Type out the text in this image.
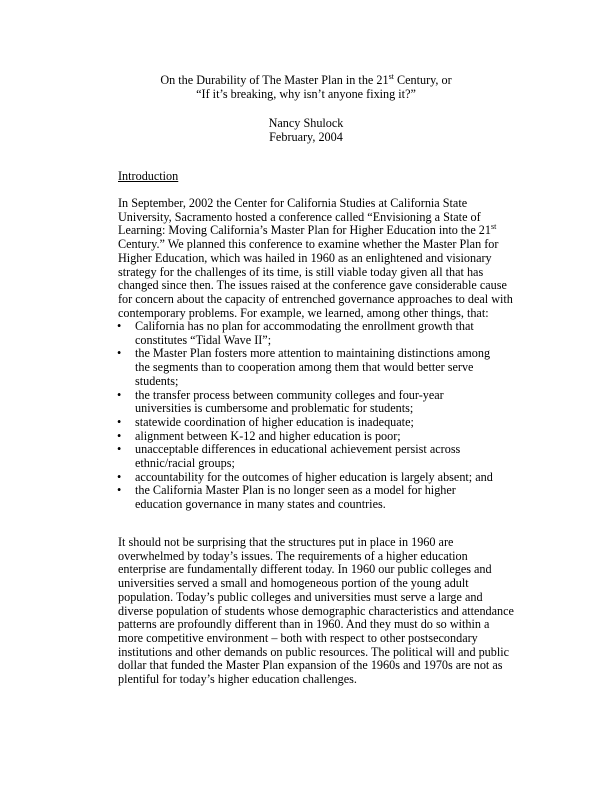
On the Durability of The Master Plan in the 21st Century, or
“If it’s breaking, why isn’t anyone fixing it?”
Nancy Shulock
February, 2004
Introduction
In September, 2002 the Center for California Studies at California State
University, Sacramento hosted a conference called “Envisioning a State of
Learning: Moving California’s Master Plan for Higher Education into the 21st
Century.” We planned this conference to examine whether the Master Plan for
Higher Education, which was hailed in 1960 as an enlightened and visionary
strategy for the challenges of its time, is still viable today given all that has
changed since then. The issues raised at the conference gave considerable cause
for concern about the capacity of entrenched governance approaches to deal with
contemporary problems. For example, we learned, among other things, that:
• California has no plan for accommodating the enrollment growth that
constitutes “Tidal Wave II”;
• the Master Plan fosters more attention to maintaining distinctions among
the segments than to cooperation among them that would better serve
students;
• the transfer process between community colleges and four-year
universities is cumbersome and problematic for students;
• statewide coordination of higher education is inadequate;
• alignment between K-12 and higher education is poor;
• unacceptable differences in educational achievement persist across
ethnic/racial groups;
• accountability for the outcomes of higher education is largely absent; and
• the California Master Plan is no longer seen as a model for higher
education governance in many states and countries.
It should not be surprising that the structures put in place in 1960 are
overwhelmed by today’s issues. The requirements of a higher education
enterprise are fundamentally different today. In 1960 our public colleges and
universities served a small and homogeneous portion of the young adult
population. Today’s public colleges and universities must serve a large and
diverse population of students whose demographic characteristics and attendance
patterns are profoundly different than in 1960. And they must do so within a
more competitive environment – both with respect to other postsecondary
institutions and other demands on public resources. The political will and public
dollar that funded the Master Plan expansion of the 1960s and 1970s are not as
plentiful for today’s higher education challenges.
